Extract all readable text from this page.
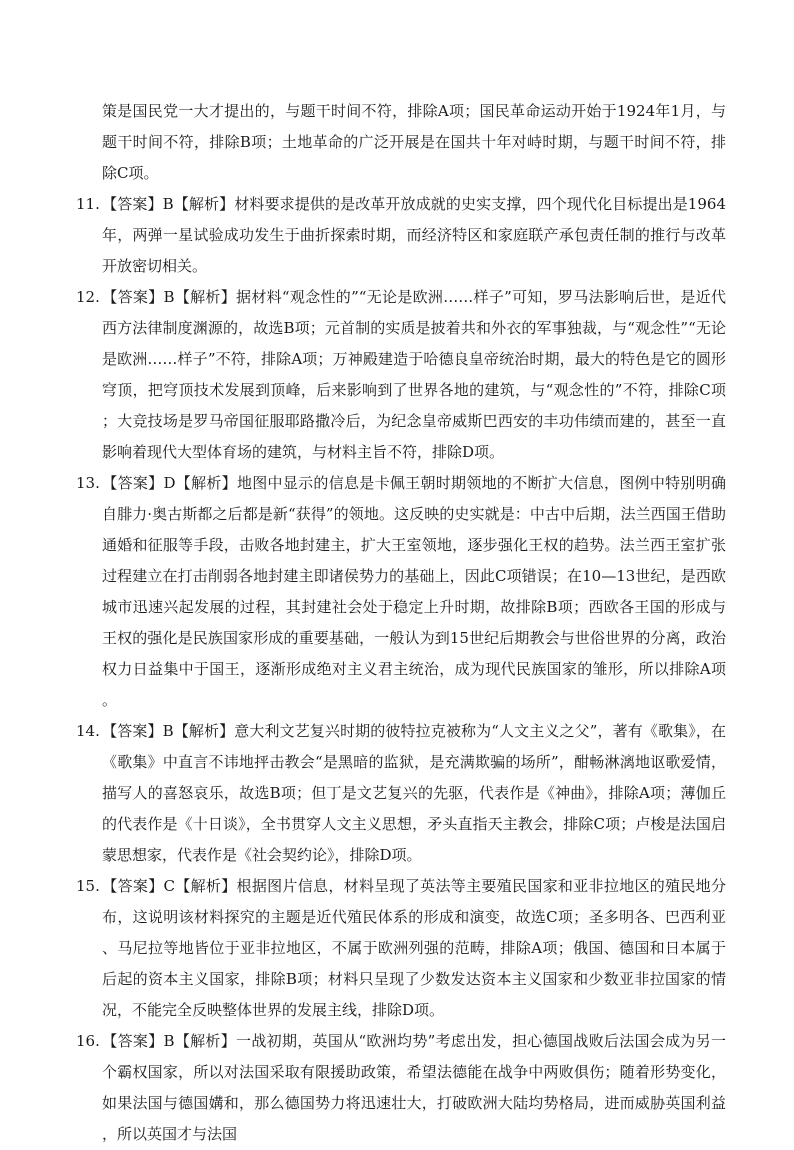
策是国民党一大才提出的，与题干时间不符，排除A项；国民革命运动开始于1924年1月，与题干时间不符，排除B项；土地革命的广泛开展是在国共十年对峙时期，与题干时间不符，排除C项。

11. 【答案】B【解析】材料要求提供的是改革开放成就的史实支撑，四个现代化目标提出是1964年，两弹一星试验成功发生于曲折探索时期，而经济特区和家庭联产承包责任制的推行与改革开放密切相关。

12. 【答案】B【解析】据材料“观念性的”“无论是欧洲……样子”可知，罗马法影响后世，是近代西方法律制度渊源的，故选B项；元首制的实质是披着共和外衣的军事独裁，与“观念性”“无论是欧洲……样子”不符，排除A项；万神殿建造于哈德良皇帝统治时期，最大的特色是它的圆形穹顶，把穹顶技术发展到顶峰，后来影响到了世界各地的建筑，与“观念性的”不符，排除C项；大竞技场是罗马帝国征服耶路撒冷后，为纪念皇帝威斯巴西安的丰功伟绩而建的，甚至一直影响着现代大型体育场的建筑，与材料主旨不符，排除D项。

13. 【答案】D【解析】地图中显示的信息是卡佩王朝时期领地的不断扩大信息，图例中特别明确自腓力·奥古斯都之后都是新“获得”的领地。这反映的史实就是：中古中后期，法兰西国王借助通婚和征服等手段，击败各地封建主，扩大王室领地，逐步强化王权的趋势。法兰西王室扩张过程建立在打击削弱各地封建主即诸侯势力的基础上，因此C项错误；在10—13世纪，是西欧城市迅速兴起发展的过程，其封建社会处于稳定上升时期，故排除B项；西欧各王国的形成与王权的强化是民族国家形成的重要基础，一般认为到15世纪后期教会与世俗世界的分离，政治权力日益集中于国王，逐渐形成绝对主义君主统治，成为现代民族国家的雏形，所以排除A项。

14. 【答案】B【解析】意大利文艺复兴时期的彼特拉克被称为“人文主义之父”，著有《歌集》，在《歌集》中直言不讳地抨击教会“是黑暗的监狱，是充满欺骗的场所”，酣畅淋漓地讴歌爱情，描写人的喜怒哀乐，故选B项；但丁是文艺复兴的先驱，代表作是《神曲》，排除A项；薄伽丘的代表作是《十日谈》，全书贯穿人文主义思想，矛头直指天主教会，排除C项；卢梭是法国启蒙思想家，代表作是《社会契约论》，排除D项。

15. 【答案】C【解析】根据图片信息，材料呈现了英法等主要殖民国家和亚非拉地区的殖民地分布，这说明该材料探究的主题是近代殖民体系的形成和演变，故选C项；圣多明各、巴西利亚、马尼拉等地皆位于亚非拉地区，不属于欧洲列强的范畴，排除A项；俄国、德国和日本属于后起的资本主义国家，排除B项；材料只呈现了少数发达资本主义国家和少数亚非拉国家的情况，不能完全反映整体世界的发展主线，排除D项。

16. 【答案】B【解析】一战初期，英国从“欧洲均势”考虑出发，担心德国战败后法国会成为另一个霸权国家，所以对法国采取有限援助政策，希望法德能在战争中两败俱伤；随着形势变化，如果法国与德国媾和，那么德国势力将迅速壮大，打破欧洲大陆均势格局，进而威胁英国利益，所以英国才与法国
